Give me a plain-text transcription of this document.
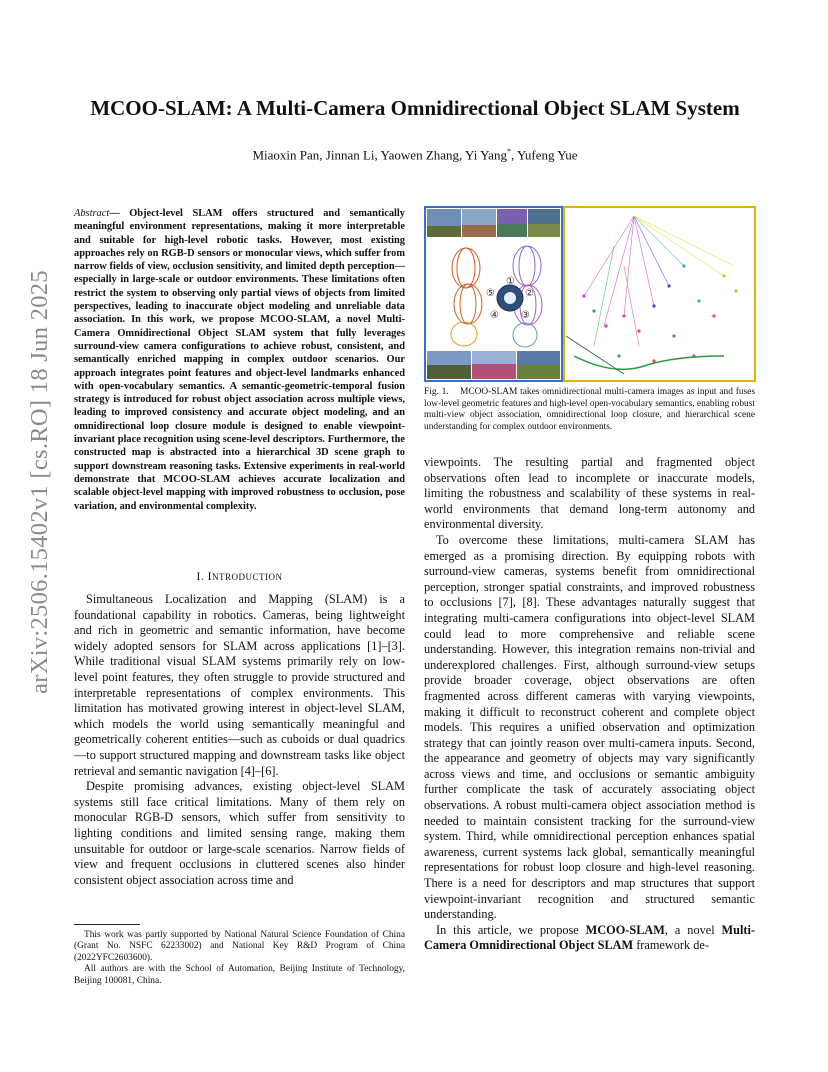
arXiv:2506.15402v1 [cs.RO] 18 Jun 2025
MCOO-SLAM: A Multi-Camera Omnidirectional Object SLAM System
Miaoxin Pan, Jinnan Li, Yaowen Zhang, Yi Yang*, Yufeng Yue

Abstract— Object-level SLAM offers structured and semantically meaningful environment representations, making it more interpretable and suitable for high-level robotic tasks. However, most existing approaches rely on RGB-D sensors or monocular views, which suffer from narrow fields of view, occlusion sensitivity, and limited depth perception—especially in large-scale or outdoor environments. These limitations often restrict the system to observing only partial views of objects from limited perspectives, leading to inaccurate object modeling and unreliable data association. In this work, we propose MCOO-SLAM, a novel Multi-Camera Omnidirectional Object SLAM system that fully leverages surround-view camera configurations to achieve robust, consistent, and semantically enriched mapping in complex outdoor scenarios. Our approach integrates point features and object-level landmarks enhanced with open-vocabulary semantics. A semantic-geometric-temporal fusion strategy is introduced for robust object association across multiple views, leading to improved consistency and accurate object modeling, and an omnidirectional loop closure module is designed to enable viewpoint-invariant place recognition using scene-level descriptors. Furthermore, the constructed map is abstracted into a hierarchical 3D scene graph to support downstream reasoning tasks. Extensive experiments in real-world demonstrate that MCOO-SLAM achieves accurate localization and scalable object-level mapping with improved robustness to occlusion, pose variation, and environmental complexity.

I. INTRODUCTION

Simultaneous Localization and Mapping (SLAM) is a foundational capability in robotics. Cameras, being lightweight and rich in geometric and semantic information, have become widely adopted sensors for SLAM across applications [1]–[3]. While traditional visual SLAM systems primarily rely on low-level point features, they often struggle to provide structured and interpretable representations of complex environments. This limitation has motivated growing interest in object-level SLAM, which models the world using semantically meaningful and geometrically coherent entities—such as cuboids or dual quadrics—to support structured mapping and downstream tasks like object retrieval and semantic navigation [4]–[6].

Despite promising advances, existing object-level SLAM systems still face critical limitations. Many of them rely on monocular RGB-D sensors, which suffer from sensitivity to lighting conditions and limited sensing range, making them unsuitable for outdoor or large-scale scenarios. Narrow fields of view and frequent occlusions in cluttered scenes also hinder consistent object association across time and

This work was partly supported by National Natural Science Foundation of China (Grant No. NSFC 62233002) and National Key R&D Program of China (2022YFC2603600).

All authors are with the School of Automation, Beijing Institute of Technology, Beijing 100081, China.

①
②
③
④
⑤
Fig. 1. MCOO-SLAM takes omnidirectional multi-camera images as input and fuses low-level geometric features and high-level open-vocabulary semantics, enabling robust multi-view object association, omnidirectional loop closure, and hierarchical scene understanding for complex outdoor environments.

viewpoints. The resulting partial and fragmented object observations often lead to incomplete or inaccurate models, limiting the robustness and scalability of these systems in real-world environments that demand long-term autonomy and environmental diversity.

To overcome these limitations, multi-camera SLAM has emerged as a promising direction. By equipping robots with surround-view cameras, systems benefit from omnidirectional perception, stronger spatial constraints, and improved robustness to occlusions [7], [8]. These advantages naturally suggest that integrating multi-camera configurations into object-level SLAM could lead to more comprehensive and reliable scene understanding. However, this integration remains non-trivial and underexplored challenges. First, although surround-view setups provide broader coverage, object observations are often fragmented across different cameras with varying viewpoints, making it difficult to reconstruct coherent and complete object models. This requires a unified observation and optimization strategy that can jointly reason over multi-camera inputs. Second, the appearance and geometry of objects may vary significantly across views and time, and occlusions or semantic ambiguity further complicate the task of accurately associating object observations. A robust multi-camera object association method is needed to maintain consistent tracking for the surround-view system. Third, while omnidirectional perception enhances spatial awareness, current systems lack global, semantically meaningful representations for robust loop closure and high-level reasoning. There is a need for descriptors and map structures that support viewpoint-invariant recognition and structured semantic understanding.

In this article, we propose MCOO-SLAM, a novel Multi-Camera Omnidirectional Object SLAM framework de-
